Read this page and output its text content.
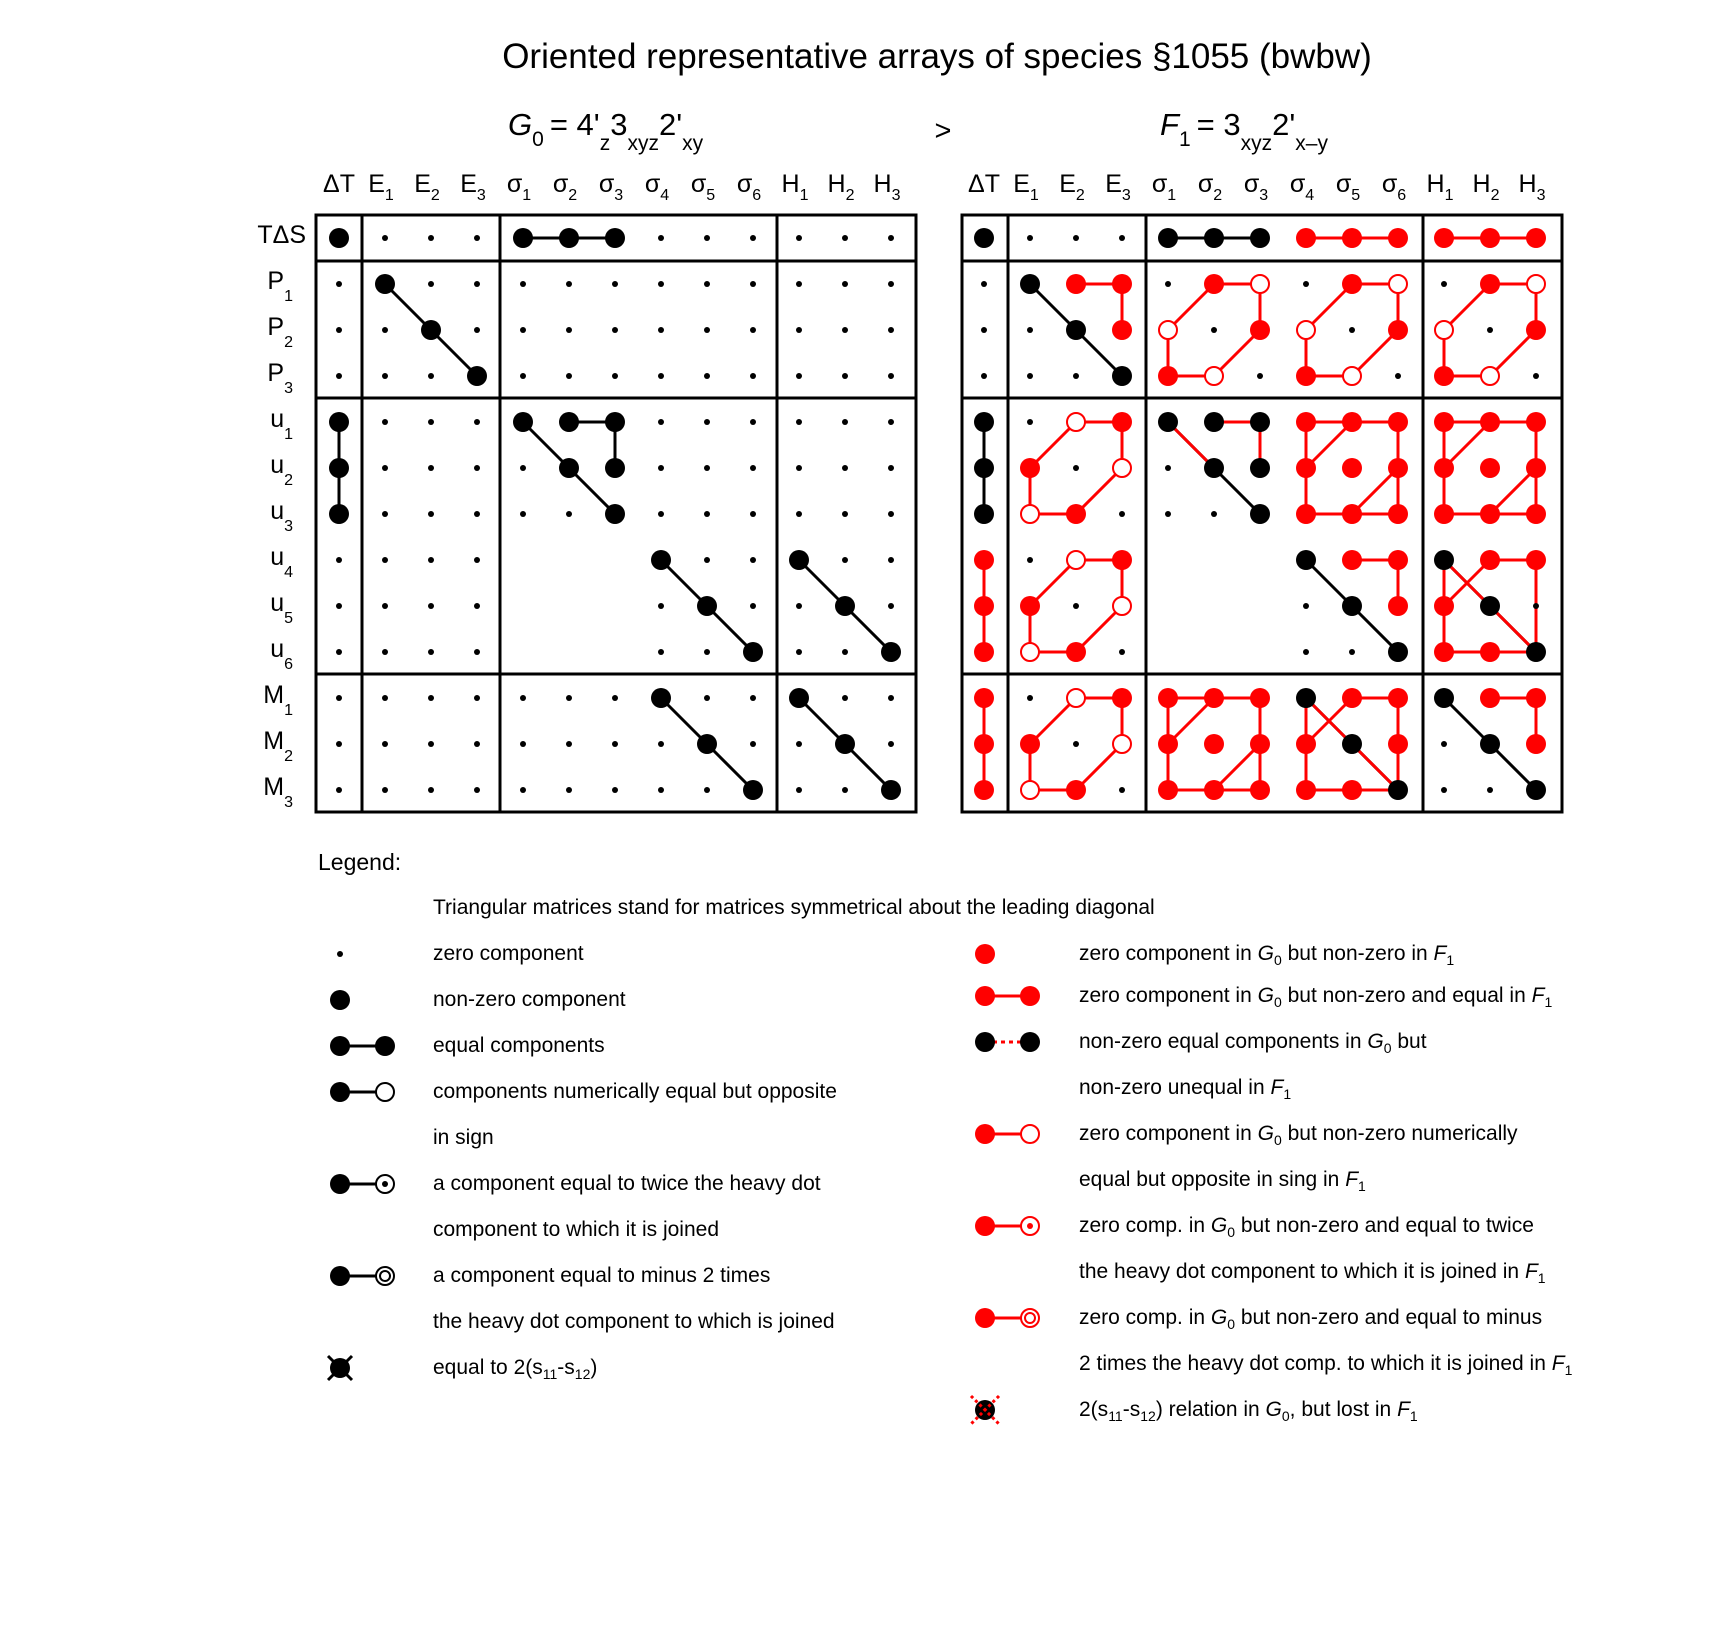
Oriented representative arrays of species §1055 (bwbw)
$G_0 = 4'_z3_{xyz}2'_{xy}$	>	$F_1 = 3_{xyz}2'_{x-y}$
ΔT $E_1$ $E_2$ $E_3$ $\sigma_1$ $\sigma_2$ $\sigma_3$ $\sigma_4$ $\sigma_5$ $\sigma_6$ $H_1$ $H_2$ $H_3$	ΔT $E_1$ $E_2$ $E_3$ $\sigma_1$ $\sigma_2$ $\sigma_3$ $\sigma_4$ $\sigma_5$ $\sigma_6$ $H_1$ $H_2$ $H_3$
TΔS
$P_1$
$P_2$
$P_3$
$u_1$
$u_2$
$u_3$
$u_4$
$u_5$
$u_6$
$M_1$
$M_2$
$M_3$
Legend:
Triangular matrices stand for matrices symmetrical about the leading diagonal
zero component
non-zero component
equal components
components numerically equal but opposite
in sign
a component equal to twice the heavy dot
component to which it is joined
a component equal to minus 2 times
the heavy dot component to which is joined
equal to $2(s_{11}-s_{12})$
zero component in $G_0$ but non-zero in $F_1$
zero component in $G_0$ but non-zero and equal in $F_1$
non-zero equal components in $G_0$ but
non-zero unequal in $F_1$
zero component in $G_0$ but non-zero numerically
equal but opposite in sing in $F_1$
zero comp. in $G_0$ but non-zero and equal to twice
the heavy dot component to which it is joined in $F_1$
zero comp. in $G_0$ but non-zero and equal to minus
2 times the heavy dot comp. to which it is joined in $F_1$
$2(s_{11}-s_{12})$ relation in $G_0$, but lost in $F_1$
